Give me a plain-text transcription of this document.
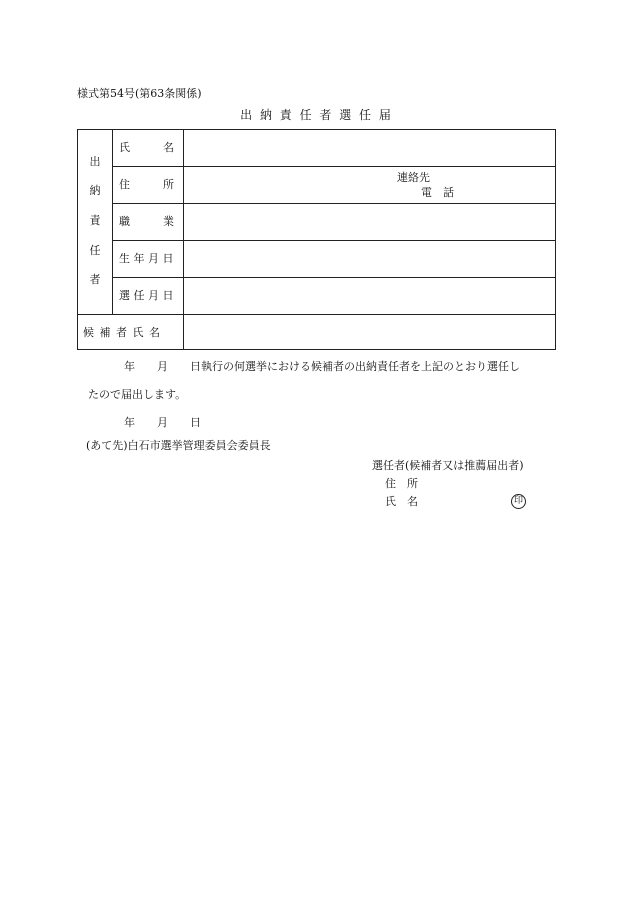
様式第54号(第63条関係)
出 納 責 任 者 選 任 届
出
納
責
任
者
氏　　　名
住　　　所
職　　　業
生 年 月 日
選 任 月 日
連絡先
電　話
候 補 者 氏 名
年　　月　　日執行の何選挙における候補者の出納責任者を上記のとおり選任し
たので届出します。
年　　月　　日
(あて先)白石市選挙管理委員会委員長
選任者(候補者又は推薦届出者)
住　所
氏　名	印
